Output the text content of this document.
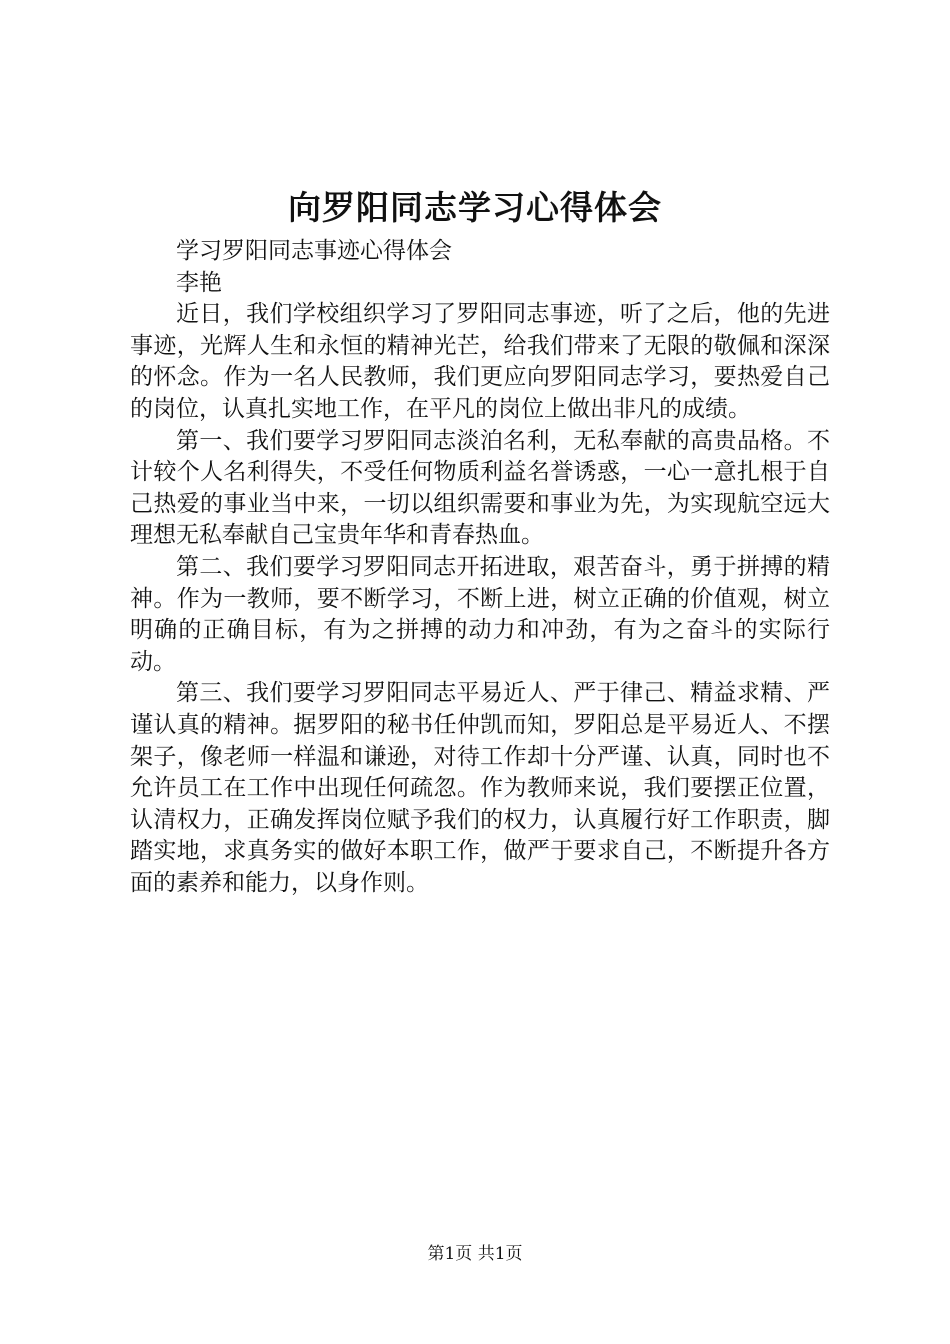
向罗阳同志学习心得体会

学习罗阳同志事迹心得体会

李艳

近日，我们学校组织学习了罗阳同志事迹，听了之后，他的先进事迹，光辉人生和永恒的精神光芒，给我们带来了无限的敬佩和深深的怀念。作为一名人民教师，我们更应向罗阳同志学习，要热爱自己的岗位，认真扎实地工作，在平凡的岗位上做出非凡的成绩。

第一、我们要学习罗阳同志淡泊名利，无私奉献的高贵品格。不计较个人名利得失，不受任何物质利益名誉诱惑，一心一意扎根于自己热爱的事业当中来，一切以组织需要和事业为先，为实现航空远大理想无私奉献自己宝贵年华和青春热血。

第二、我们要学习罗阳同志开拓进取，艰苦奋斗，勇于拼搏的精神。作为一教师，要不断学习，不断上进，树立正确的价值观，树立明确的正确目标，有为之拼搏的动力和冲劲，有为之奋斗的实际行动。

第三、我们要学习罗阳同志平易近人、严于律己、精益求精、严谨认真的精神。据罗阳的秘书任仲凯而知，罗阳总是平易近人、不摆架子，像老师一样温和谦逊，对待工作却十分严谨、认真，同时也不允许员工在工作中出现任何疏忽。作为教师来说，我们要摆正位置，认清权力，正确发挥岗位赋予我们的权力，认真履行好工作职责，脚踏实地，求真务实的做好本职工作，做严于要求自己，不断提升各方面的素养和能力，以身作则。

第1页 共1页
